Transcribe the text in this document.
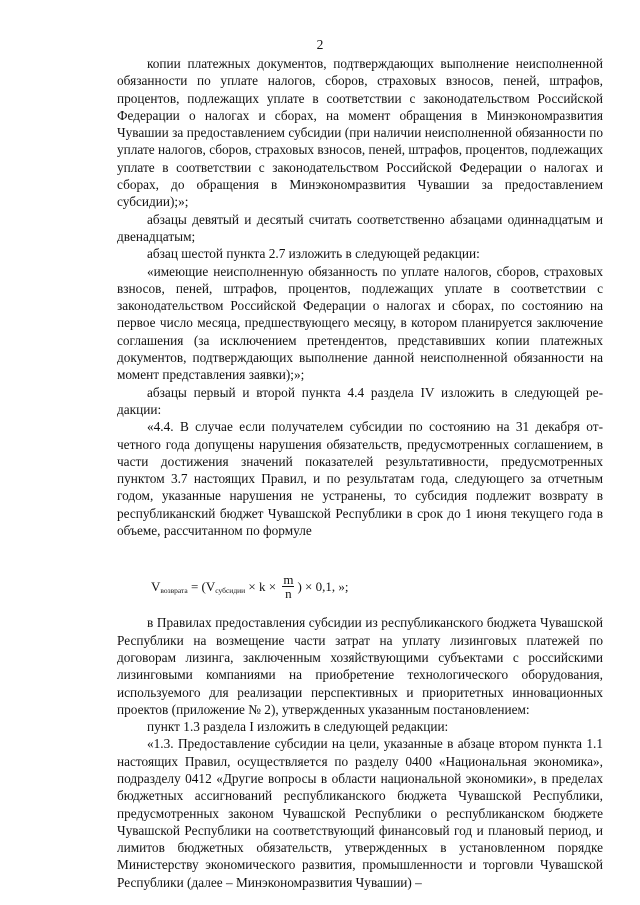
2

копии платежных документов, подтверждающих выполнение неисполненной обязанности по уплате налогов, сборов, страховых взносов, пеней, штрафов, процентов, подлежащих уплате в соответствии с законодательством Российской Федерации о налогах и сборах, на момент обращения в Минэкономразвития Чувашии за предоставлением субсидии (при наличии неисполненной обязанности по уплате налогов, сборов, страховых взносов, пеней, штрафов, процентов, подлежащих уплате в соответствии с законодательством Российской Федерации о налогах и сборах, до обращения в Минэкономразвития Чувашии за предоставлением субсидии);»;

абзацы девятый и десятый считать соответственно абзацами одиннадцатым и двенадцатым;

абзац шестой пункта 2.7 изложить в следующей редакции:

«имеющие неисполненную обязанность по уплате налогов, сборов, страховых взносов, пеней, штрафов, процентов, подлежащих уплате в соответствии с законодательством Российской Федерации о налогах и сборах, по состоянию на первое число месяца, предшествующего месяцу, в котором планируется заключение соглашения (за исключением претендентов, представивших копии платежных документов, подтверждающих выполнение данной неисполненной обязанности на момент представления заявки);»;

абзацы первый и второй пункта 4.4 раздела IV изложить в следующей редакции:

«4.4. В случае если получателем субсидии по состоянию на 31 декабря отчетного года допущены нарушения обязательств, предусмотренных соглашением, в части достижения значений показателей результативности, предусмотренных пунктом 3.7 настоящих Правил, и по результатам года, следующего за отчетным годом, указанные нарушения не устранены, то субсидия подлежит возврату в республиканский бюджет Чувашской Республики в срок до 1 июня текущего года в объеме, рассчитанном по формуле

V возврата = (V субсидии × $k \times \frac{m}{n}$ ) × 0,1, »;

в Правилах предоставления субсидии из республиканского бюджета Чувашской Республики на возмещение части затрат на уплату лизинговых платежей по договорам лизинга, заключенным хозяйствующими субъектами с российскими лизинговыми компаниями на приобретение технологического оборудования, используемого для реализации перспективных и приоритетных инновационных проектов (приложение № 2), утвержденных указанным постановлением:

пункт 1.3 раздела I изложить в следующей редакции:

«1.3. Предоставление субсидии на цели, указанные в абзаце втором пункта 1.1 настоящих Правил, осуществляется по разделу 0400 «Национальная экономика», подразделу 0412 «Другие вопросы в области национальной экономики», в пределах бюджетных ассигнований республиканского бюджета Чувашской Республики, предусмотренных законом Чувашской Республики о республиканском бюджете Чувашской Республики на соответствующий финансовый год и плановый период, и лимитов бюджетных обязательств, утвержденных в установленном порядке Министерству экономического развития, промышленности и торговли Чувашской Республики (далее – Минэкономразвития Чувашии) –
